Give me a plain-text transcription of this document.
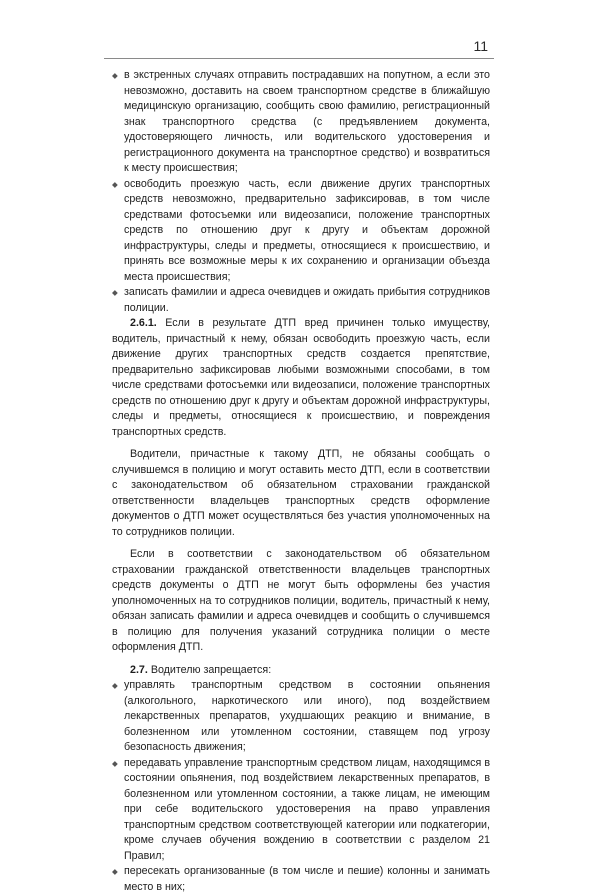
11

◆ в экстренных случаях отправить пострадавших на попутном, а если это невозможно, доставить на своем транспортном средстве в ближайшую медицинскую организацию, сообщить свою фамилию, регистрационный знак транспортного средства (с предъявлением документа, удостоверяющего личность, или водительского удостоверения и регистрационного документа на транспортное средство) и возвратиться к месту происшествия;

◆ освободить проезжую часть, если движение других транспортных средств невозможно, предварительно зафиксировав, в том числе средствами фотосъемки или видеозаписи, положение транспортных средств по отношению друг к другу и объектам дорожной инфраструктуры, следы и предметы, относящиеся к происшествию, и принять все возможные меры к их сохранению и организации объезда места происшествия;

◆ записать фамилии и адреса очевидцев и ожидать прибытия сотрудников полиции.

2.6.1. Если в результате ДТП вред причинен только имуществу, водитель, причастный к нему, обязан освободить проезжую часть, если движение других транспортных средств создается препятствие, предварительно зафиксировав любыми возможными способами, в том числе средствами фотосъемки или видеозаписи, положение транспортных средств по отношению друг к другу и объектам дорожной инфраструктуры, следы и предметы, относящиеся к происшествию, и повреждения транспортных средств.

Водители, причастные к такому ДТП, не обязаны сообщать о случившемся в полицию и могут оставить место ДТП, если в соответствии с законодательством об обязательном страховании гражданской ответственности владельцев транспортных средств оформление документов о ДТП может осуществляться без участия уполномоченных на то сотрудников полиции.

Если в соответствии с законодательством об обязательном страховании гражданской ответственности владельцев транспортных средств документы о ДТП не могут быть оформлены без участия уполномоченных на то сотрудников полиции, водитель, причастный к нему, обязан записать фамилии и адреса очевидцев и сообщить о случившемся в полицию для получения указаний сотрудника полиции о месте оформления ДТП.

2.7. Водителю запрещается:

◆ управлять транспортным средством в состоянии опьянения (алкогольного, наркотического или иного), под воздействием лекарственных препаратов, ухудшающих реакцию и внимание, в болезненном или утомленном состоянии, ставящем под угрозу безопасность движения;

◆ передавать управление транспортным средством лицам, находящимся в состоянии опьянения, под воздействием лекарственных препаратов, в болезненном или утомленном состоянии, а также лицам, не имеющим при себе водительского удостоверения на право управления транспортным средством соответствующей категории или подкатегории, кроме случаев обучения вождению в соответствии с разделом 21 Правил;

◆ пересекать организованные (в том числе и пешие) колонны и занимать место в них;
